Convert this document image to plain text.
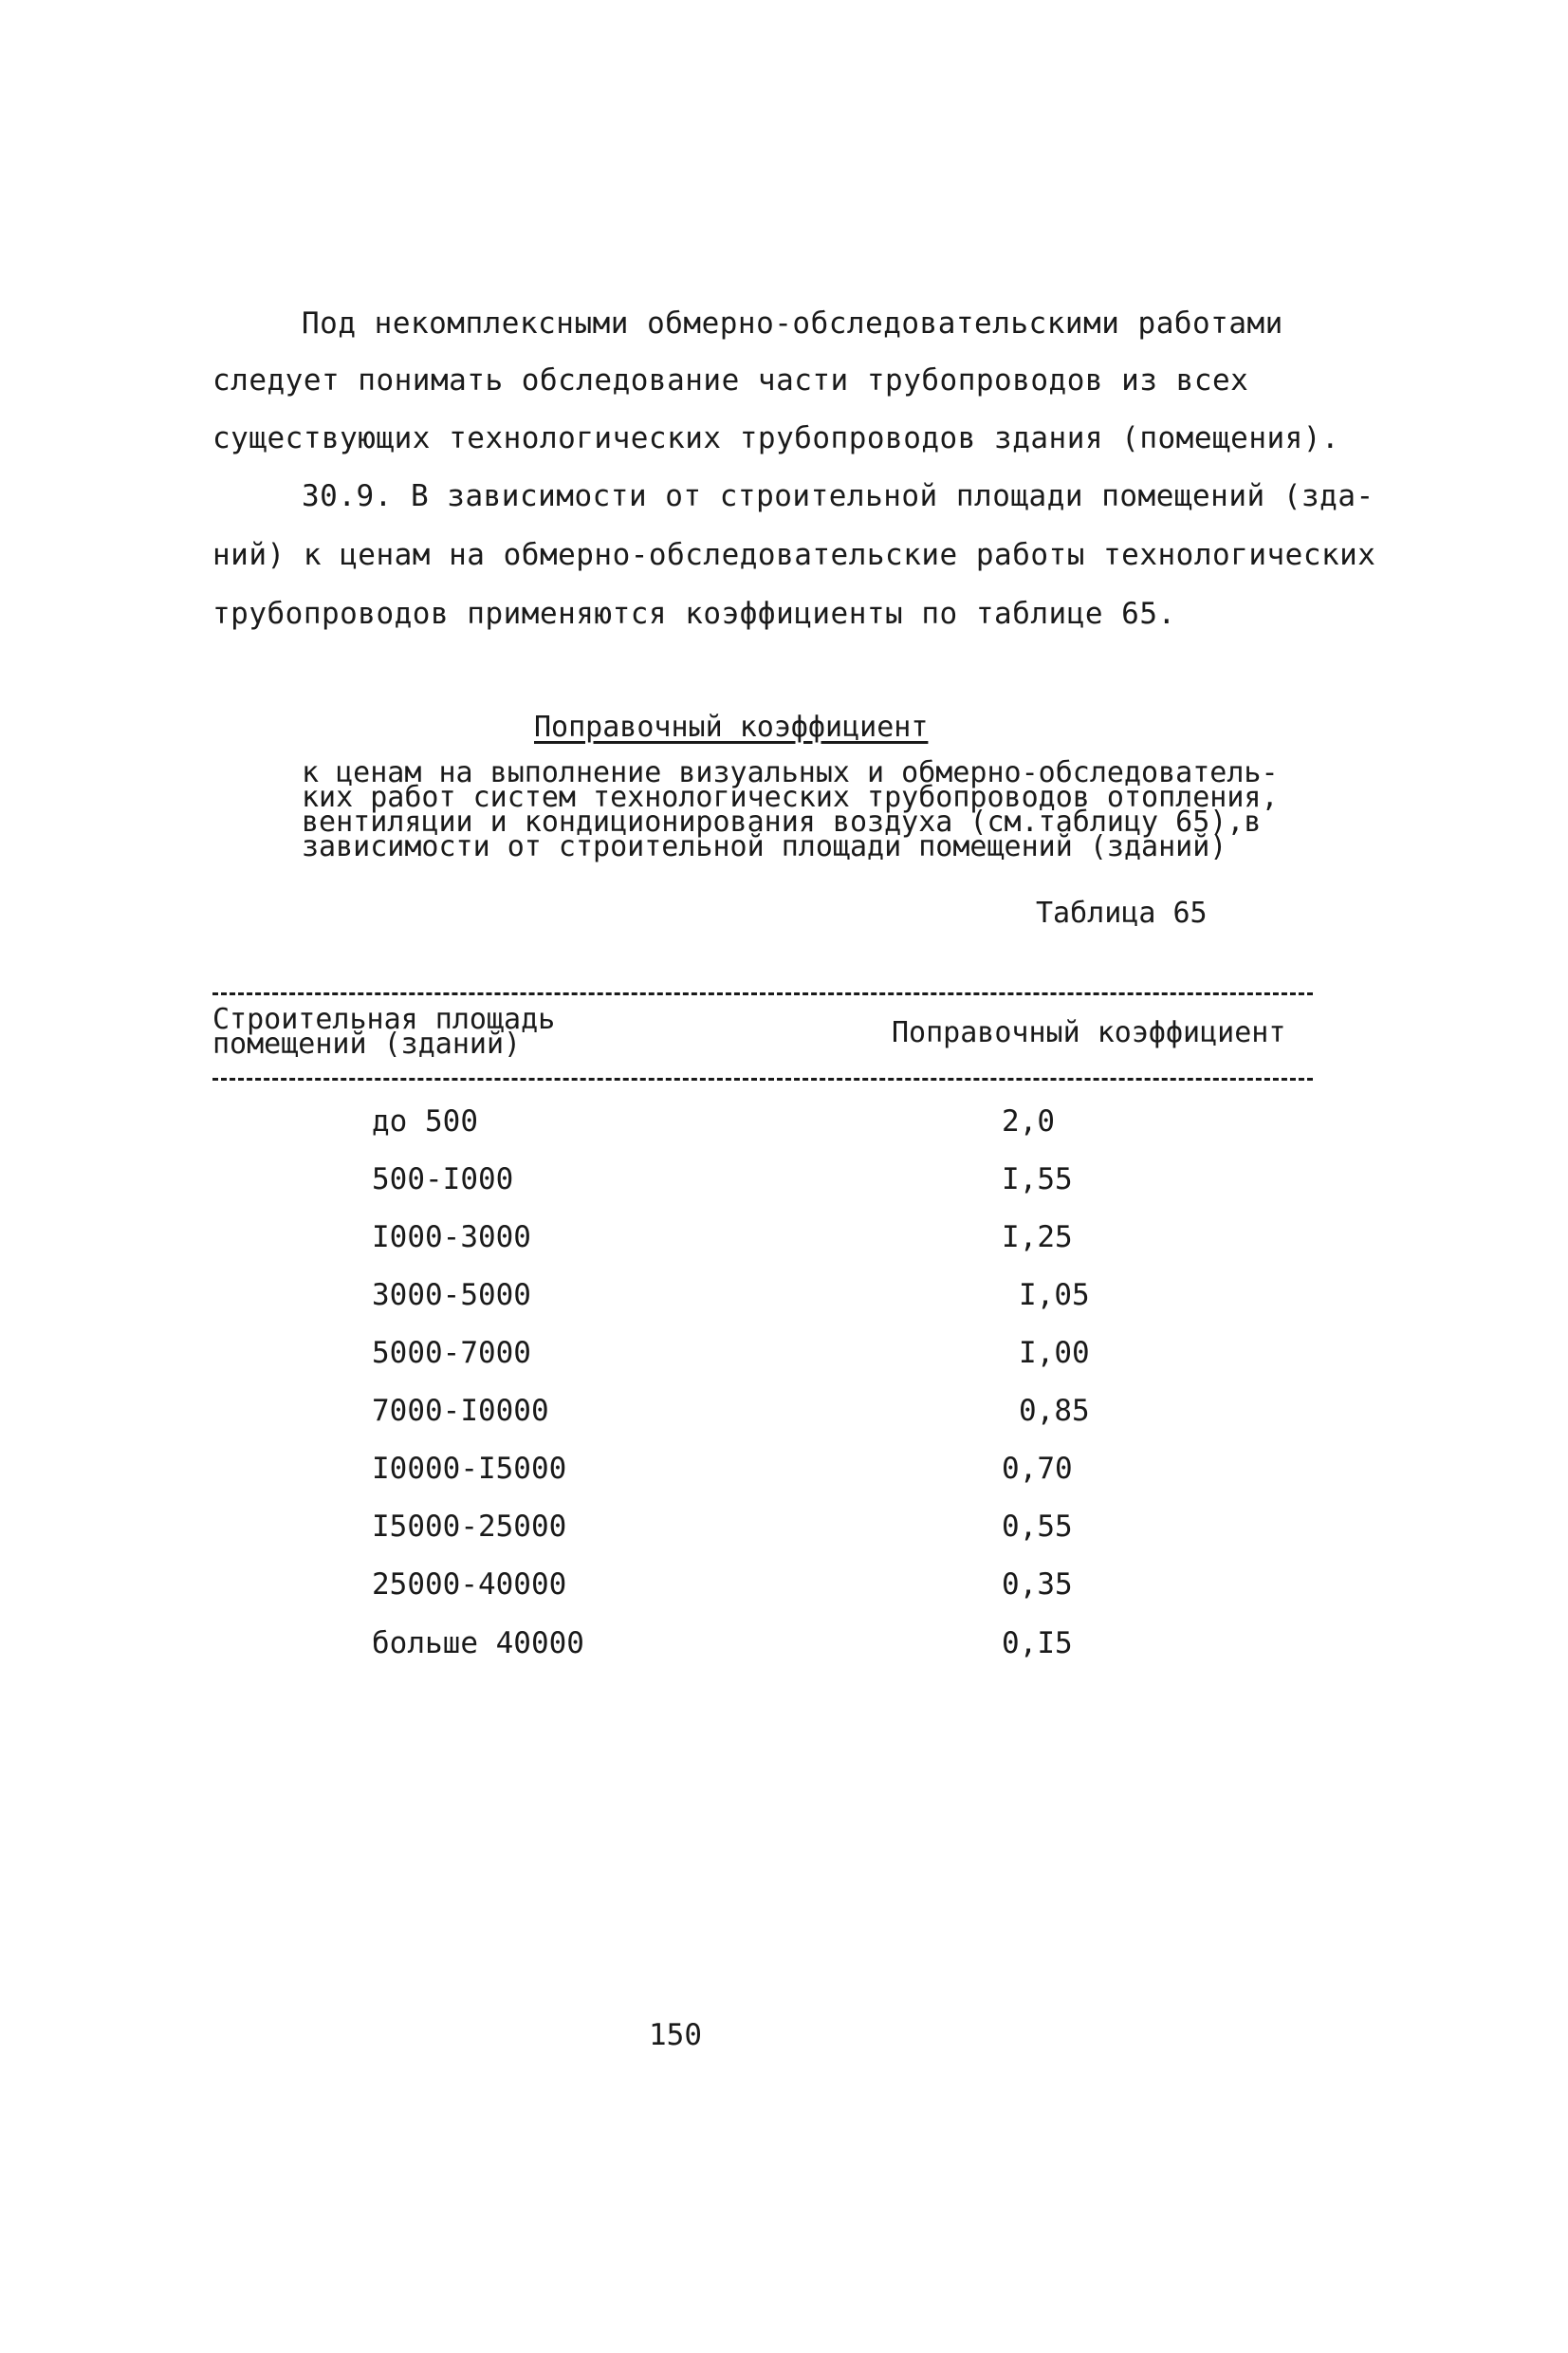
Под некомплексными обмерно-обследовательскими работами
следует понимать обследование части трубопроводов из всех
существующих технологических трубопроводов здания (помещения).
30.9. В зависимости от строительной площади помещений (зда-
ний) к ценам на обмерно-обследовательские работы технологических
трубопроводов применяются коэффициенты по таблице 65.
Поправочный коэффициент
к ценам на выполнение визуальных и обмерно-обследователь-
ких работ систем технологических трубопроводов отопления,
вентиляции и кондиционирования воздуха (см.таблицу 65),в
зависимости от строительной площади помещений (зданий)
Таблица 65
Строительная площадь
помещений (зданий)	Поправочный коэффициент
до 500	2,0
500-I000	I,55
I000-3000	I,25
3000-5000	I,05
5000-7000	I,00
7000-I0000	0,85
I0000-I5000	0,70
I5000-25000	0,55
25000-40000	0,35
больше 40000	0,I5
150
